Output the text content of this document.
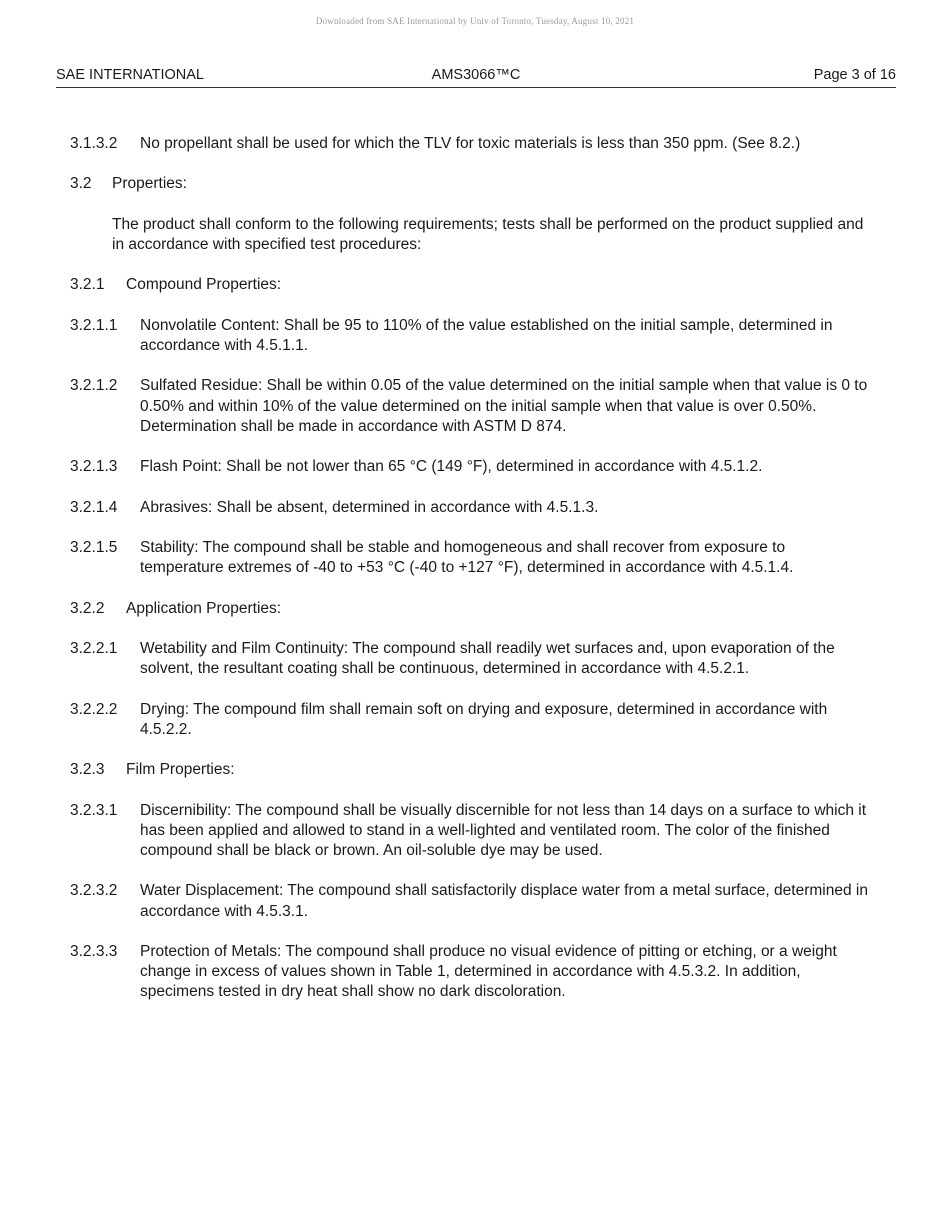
Downloaded from SAE International by Univ of Toronto, Tuesday, August 10, 2021
SAE INTERNATIONAL	AMS3066™C	Page 3 of 16
3.1.3.2	No propellant shall be used for which the TLV for toxic materials is less than 350 ppm. (See 8.2.)
3.2	Properties:
The product shall conform to the following requirements; tests shall be performed on the product supplied and in accordance with specified test procedures:
3.2.1	Compound Properties:
3.2.1.1	Nonvolatile Content: Shall be 95 to 110% of the value established on the initial sample, determined in accordance with 4.5.1.1.
3.2.1.2	Sulfated Residue: Shall be within 0.05 of the value determined on the initial sample when that value is 0 to 0.50% and within 10% of the value determined on the initial sample when that value is over 0.50%. Determination shall be made in accordance with ASTM D 874.
3.2.1.3	Flash Point: Shall be not lower than 65 °C (149 °F), determined in accordance with 4.5.1.2.
3.2.1.4	Abrasives: Shall be absent, determined in accordance with 4.5.1.3.
3.2.1.5	Stability: The compound shall be stable and homogeneous and shall recover from exposure to temperature extremes of -40 to +53 °C (-40 to +127 °F), determined in accordance with 4.5.1.4.
3.2.2	Application Properties:
3.2.2.1	Wetability and Film Continuity: The compound shall readily wet surfaces and, upon evaporation of the solvent, the resultant coating shall be continuous, determined in accordance with 4.5.2.1.
3.2.2.2	Drying: The compound film shall remain soft on drying and exposure, determined in accordance with 4.5.2.2.
3.2.3	Film Properties:
3.2.3.1	Discernibility: The compound shall be visually discernible for not less than 14 days on a surface to which it has been applied and allowed to stand in a well-lighted and ventilated room. The color of the finished compound shall be black or brown. An oil-soluble dye may be used.
3.2.3.2	Water Displacement: The compound shall satisfactorily displace water from a metal surface, determined in accordance with 4.5.3.1.
3.2.3.3	Protection of Metals: The compound shall produce no visual evidence of pitting or etching, or a weight change in excess of values shown in Table 1, determined in accordance with 4.5.3.2. In addition, specimens tested in dry heat shall show no dark discoloration.
